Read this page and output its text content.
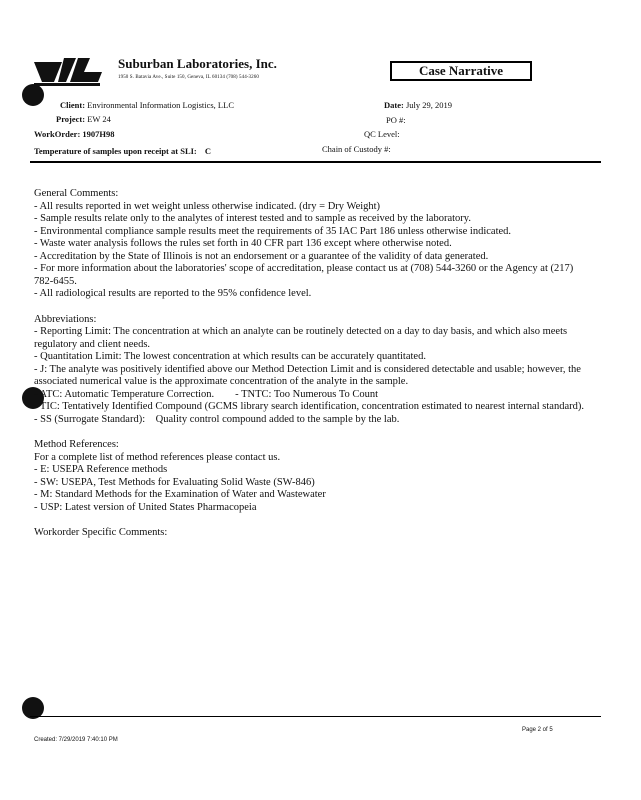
Suburban Laboratories, Inc.
1950 S. Batavia Ave., Suite 150, Geneva, IL 60134 (708) 544-3260	Case Narrative
Client: Environmental Information Logistics, LLC
Project: EW 24
WorkOrder: 1907H98
Temperature of samples upon receipt at SLI: C
Date: July 29, 2019
PO #:
QC Level:
Chain of Custody #:

General Comments:

- All results reported in wet weight unless otherwise indicated. (dry = Dry Weight)

- Sample results relate only to the analytes of interest tested and to sample as received by the laboratory.

- Environmental compliance sample results meet the requirements of 35 IAC Part 186 unless otherwise indicated.

- Waste water analysis follows the rules set forth in 40 CFR part 136 except where otherwise noted.

- Accreditation by the State of Illinois is not an endorsement or a guarantee of the validity of data generated.

- For more information about the laboratories' scope of accreditation, please contact us at (708) 544-3260 or the Agency at (217) 782-6455.

- All radiological results are reported to the 95% confidence level.

Abbreviations:

- Reporting Limit: The concentration at which an analyte can be routinely detected on a day to day basis, and which also meets regulatory and client needs.

- Quantitation Limit: The lowest concentration at which results can be accurately quantitated.

- J: The analyte was positively identified above our Method Detection Limit and is considered detectable and usable; however, the associated numerical value is the approximate concentration of the analyte in the sample.

- ATC: Automatic Temperature Correction.        - TNTC: Too Numerous To Count

- TIC: Tentatively Identified Compound (GCMS library search identification, concentration estimated to nearest internal standard).

- SS (Surrogate Standard):    Quality control compound added to the sample by the lab.

Method References:

For a complete list of method references please contact us.

- E: USEPA Reference methods

- SW: USEPA, Test Methods for Evaluating Solid Waste (SW-846)

- M: Standard Methods for the Examination of Water and Wastewater

- USP: Latest version of United States Pharmacopeia

Workorder Specific Comments:

Page 2 of 5
Created: 7/29/2019 7:40:10 PM
